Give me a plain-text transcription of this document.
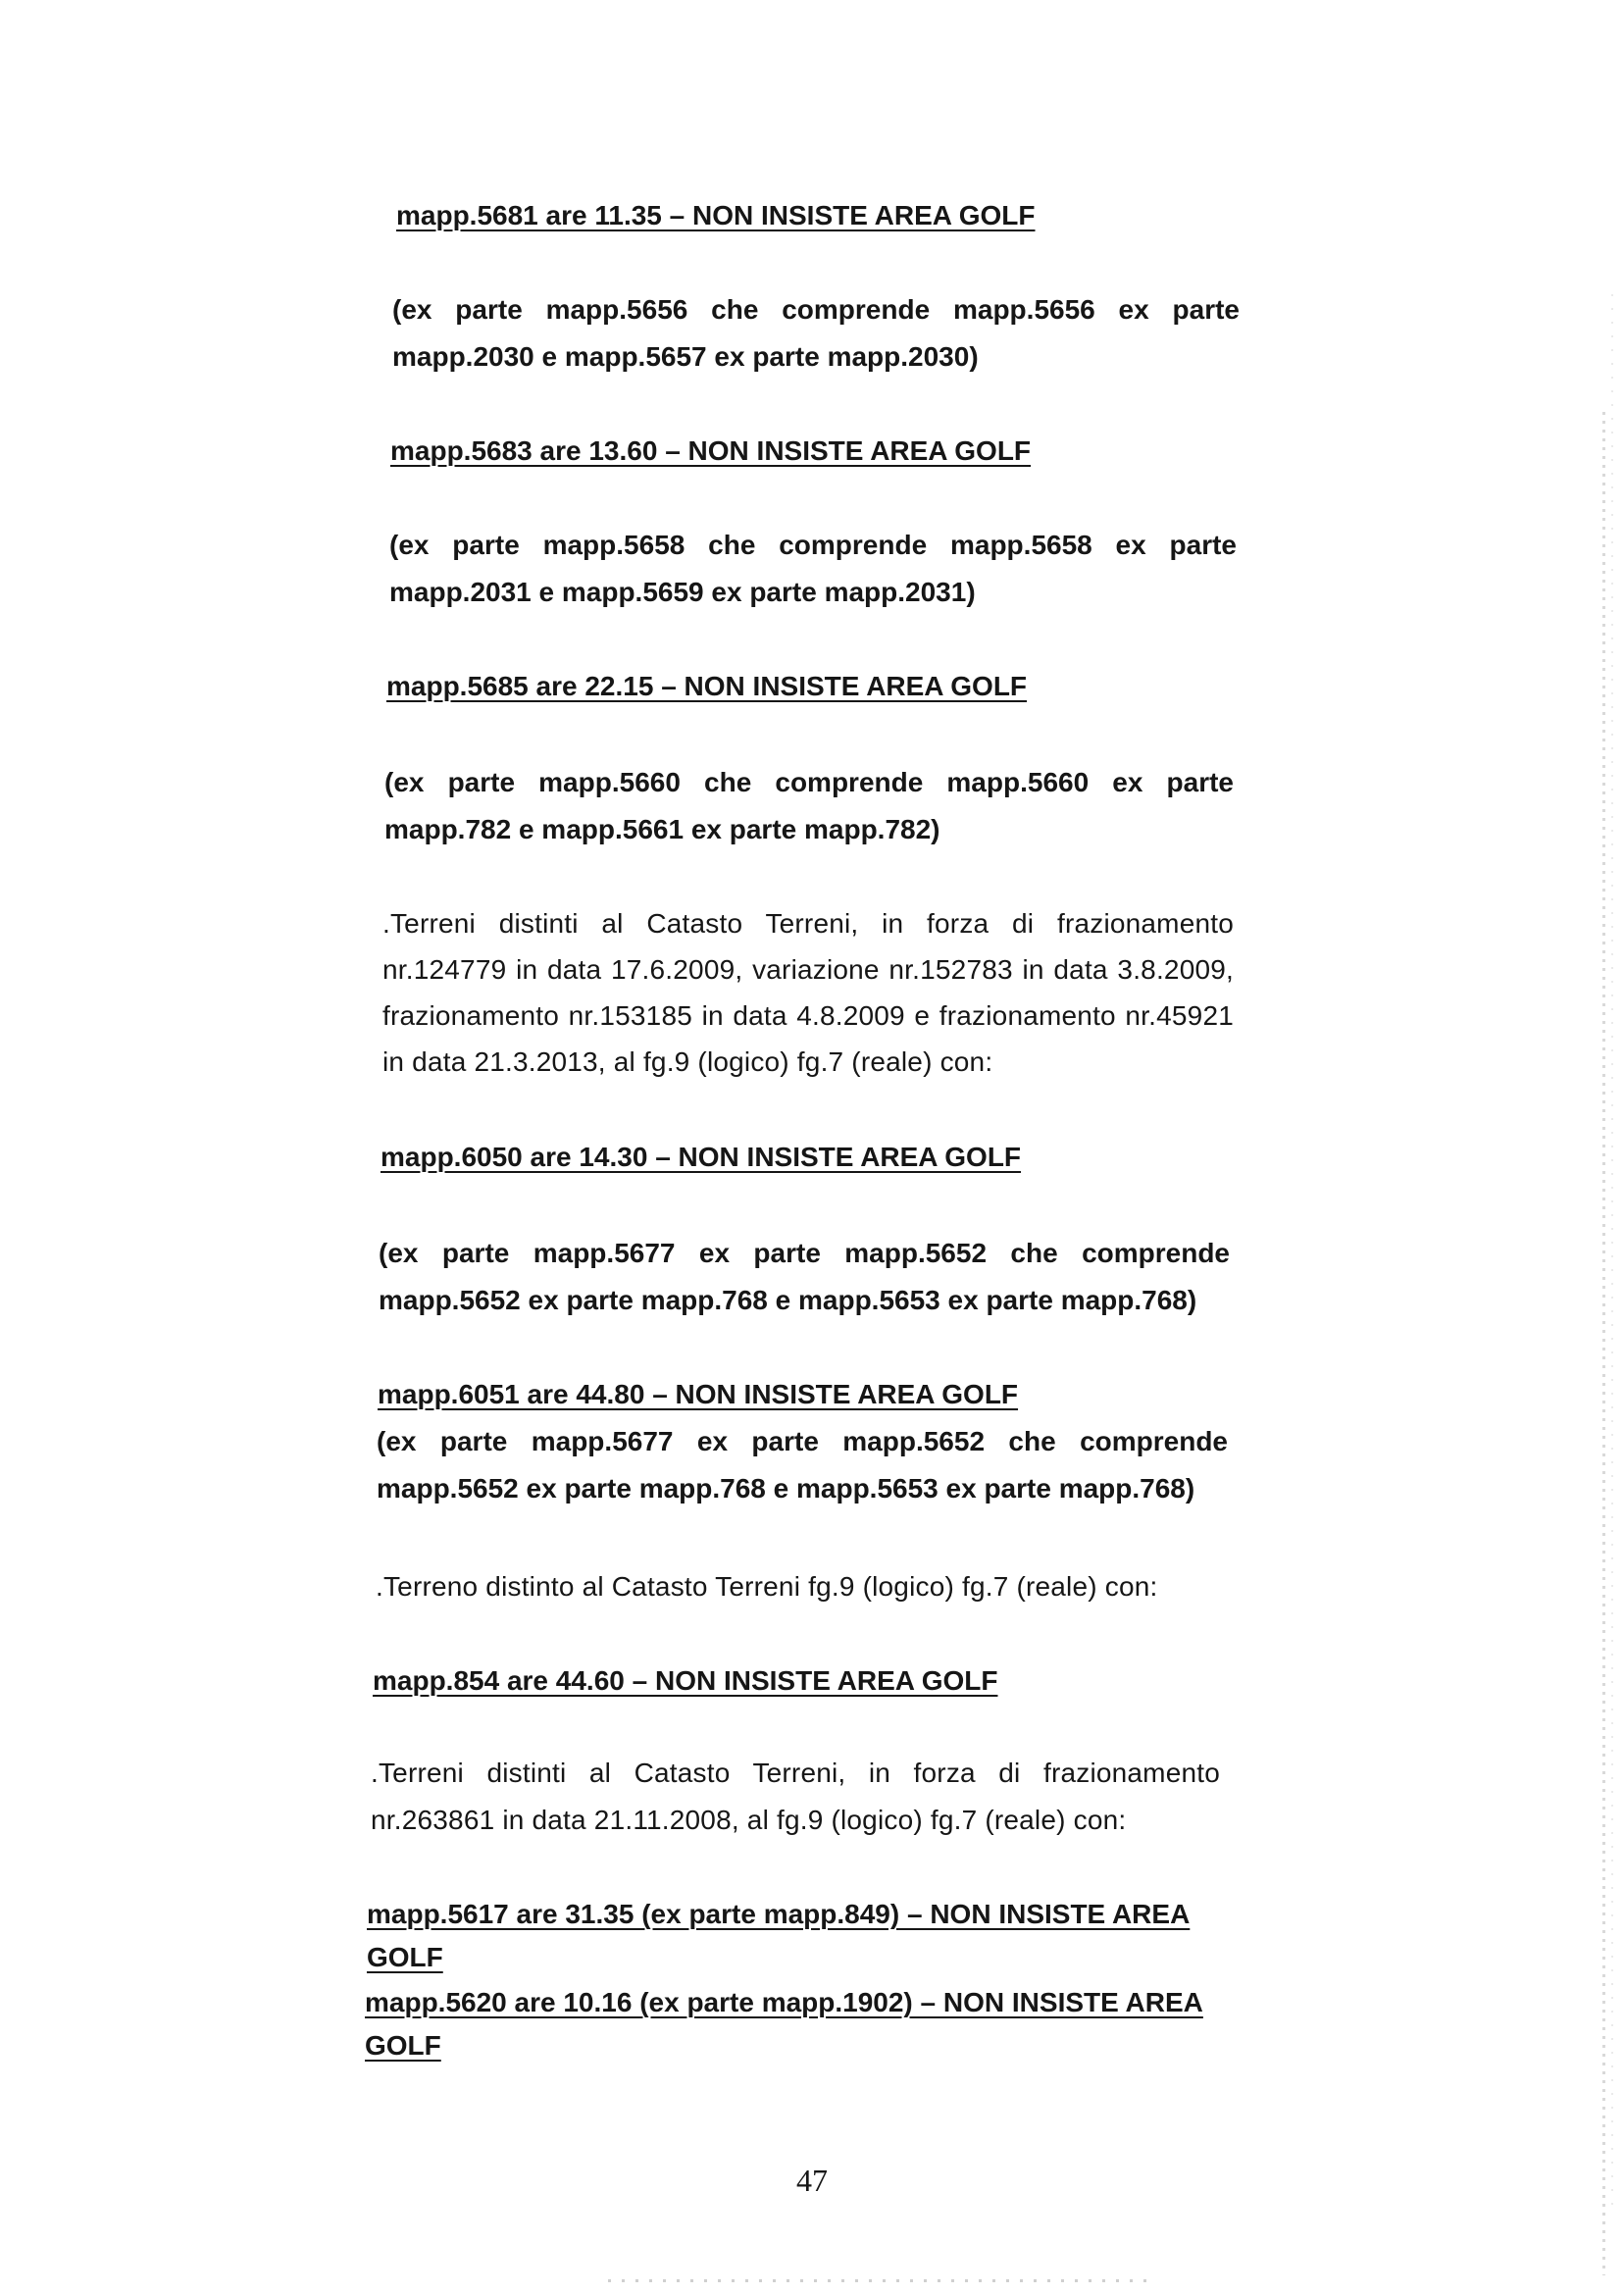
mapp.5681 are 11.35 – NON INSISTE AREA GOLF
(ex parte mapp.5656 che comprende mapp.5656 ex parte mapp.2030 e mapp.5657 ex parte mapp.2030)
mapp.5683 are 13.60 – NON INSISTE AREA GOLF
(ex parte mapp.5658 che comprende mapp.5658 ex parte mapp.2031 e mapp.5659 ex parte mapp.2031)
mapp.5685 are 22.15 – NON INSISTE AREA GOLF
(ex parte mapp.5660 che comprende mapp.5660 ex parte mapp.782 e mapp.5661 ex parte mapp.782)
.Terreni distinti al Catasto Terreni, in forza di frazionamento nr.124779 in data 17.6.2009, variazione nr.152783 in data 3.8.2009, frazionamento nr.153185 in data 4.8.2009 e frazionamento nr.45921 in data 21.3.2013, al fg.9 (logico) fg.7 (reale) con:
mapp.6050 are 14.30 – NON INSISTE AREA GOLF
(ex parte mapp.5677 ex parte mapp.5652 che comprende mapp.5652 ex parte mapp.768 e mapp.5653 ex parte mapp.768)
mapp.6051 are 44.80 – NON INSISTE AREA GOLF
(ex parte mapp.5677 ex parte mapp.5652 che comprende mapp.5652 ex parte mapp.768 e mapp.5653 ex parte mapp.768)
.Terreno distinto al Catasto Terreni fg.9 (logico) fg.7 (reale) con:
mapp.854 are 44.60 – NON INSISTE AREA GOLF
.Terreni distinti al Catasto Terreni, in forza di frazionamento nr.263861 in data 21.11.2008, al fg.9 (logico) fg.7 (reale) con:
mapp.5617 are 31.35 (ex parte mapp.849) – NON INSISTE AREA GOLF
mapp.5620 are 10.16 (ex parte mapp.1902) – NON INSISTE AREA GOLF
47
